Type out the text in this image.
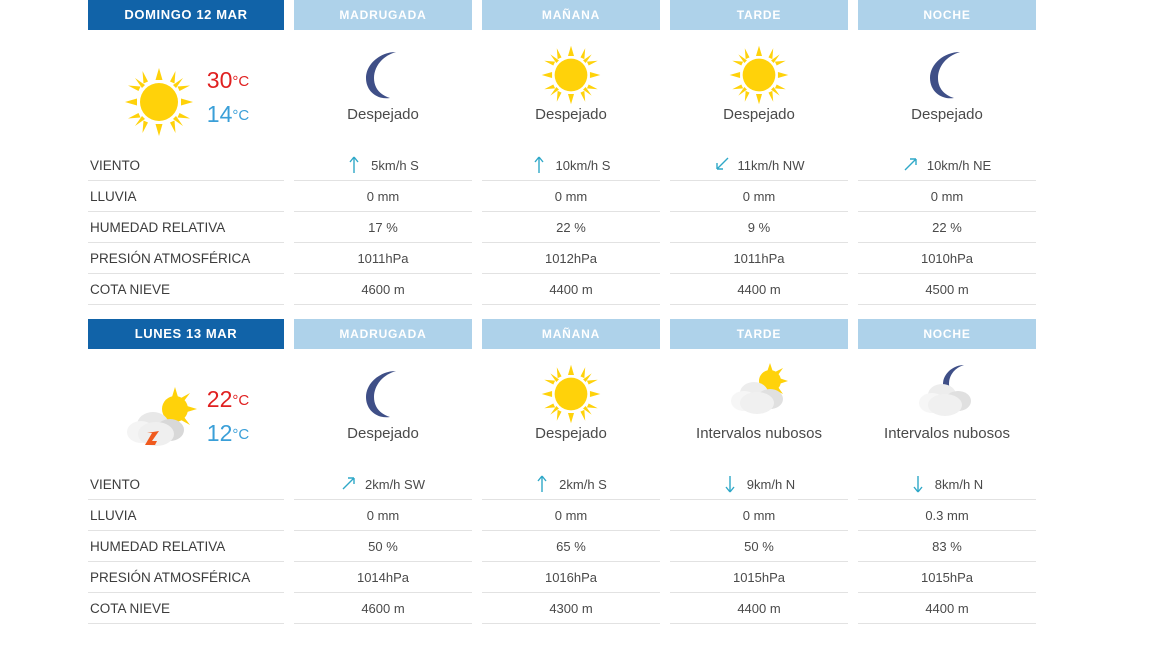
DOMINGO 12 MAR	MADRUGADA	MAÑANA	TARDE	NOCHE
$30^{^\circ C}$
$14^{^\circ C}$	Despejado	Despejado	Despejado	Despejado
VIENTO	5km/h S	10km/h S	11km/h NW	10km/h NE
LLUVIA	0 mm	0 mm	0 mm	0 mm
HUMEDAD RELATIVA	17 %	22 %	9 %	22 %
PRESIÓN ATMOSFÉRICA	1011hPa	1012hPa	1011hPa	1010hPa
COTA NIEVE	4600 m	4400 m	4400 m	4500 m
LUNES 13 MAR	MADRUGADA	MAÑANA	TARDE	NOCHE
$22^{^\circ C}$
$12^{^\circ C}$	Despejado	Despejado	Intervalos nubosos	Intervalos nubosos
VIENTO	2km/h SW	2km/h S	9km/h N	8km/h N
LLUVIA	0 mm	0 mm	0 mm	0.3 mm
HUMEDAD RELATIVA	50 %	65 %	50 %	83 %
PRESIÓN ATMOSFÉRICA	1014hPa	1016hPa	1015hPa	1015hPa
COTA NIEVE	4600 m	4300 m	4400 m	4400 m
